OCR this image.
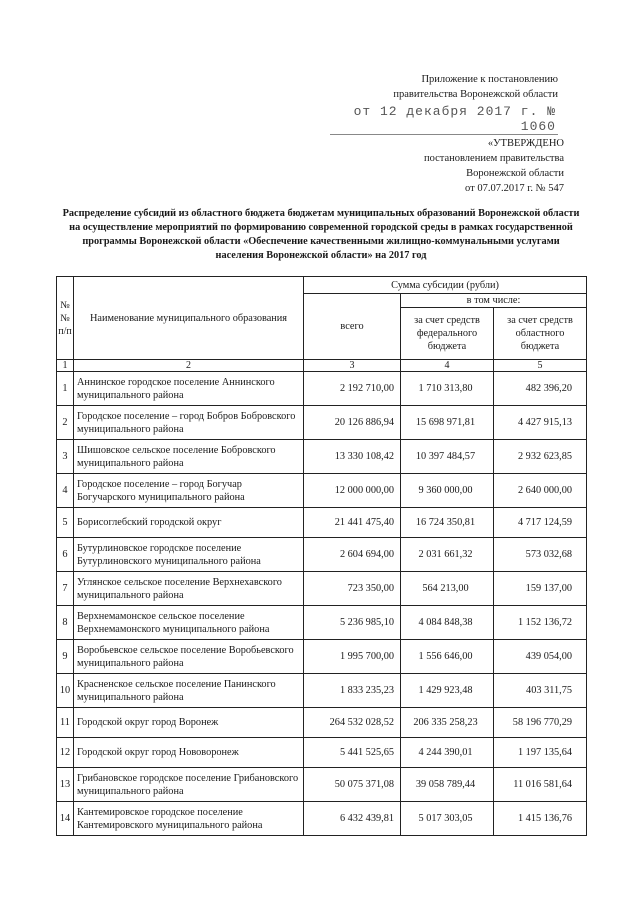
Приложение к постановлению
правительства Воронежской области
от 12 декабря 2017 г. № 1060
«УТВЕРЖДЕНО
постановлением правительства
Воронежской области
от 07.07.2017 г. № 547
Распределение субсидий из областного бюджета бюджетам муниципальных образований Воронежской области на осуществление мероприятий по формированию современной городской среды в рамках государственной программы Воронежской области «Обеспечение качественными жилищно-коммунальными услугами населения Воронежской области» на 2017 год
№ № п/п	Наименование муниципального образования	Сумма субсидии (рубли)		
		всего	в том числе:	
			за счет средств федерального бюджета	за счет средств областного бюджета
1	2	3	4	5
1	Аннинское городское поселение Аннинского муниципального района	2 192 710,00	1 710 313,80	482 396,20
2	Городское поселение – город Бобров Бобровского муниципального района	20 126 886,94	15 698 971,81	4 427 915,13
3	Шишовское сельское поселение Бобровского муниципального района	13 330 108,42	10 397 484,57	2 932 623,85
4	Городское поселение – город Богучар Богучарского муниципального района	12 000 000,00	9 360 000,00	2 640 000,00
5	Борисоглебский городской округ	21 441 475,40	16 724 350,81	4 717 124,59
6	Бутурлиновское городское поселение Бутурлиновского муниципального района	2 604 694,00	2 031 661,32	573 032,68
7	Углянское сельское поселение Верхнехавского муниципального района	723 350,00	564 213,00	159 137,00
8	Верхнемамонское сельское поселение Верхнемамонского муниципального района	5 236 985,10	4 084 848,38	1 152 136,72
9	Воробьевское сельское поселение Воробьевского муниципального района	1 995 700,00	1 556 646,00	439 054,00
10	Красненское сельское поселение Панинского муниципального района	1 833 235,23	1 429 923,48	403 311,75
11	Городской округ город Воронеж	264 532 028,52	206 335 258,23	58 196 770,29
12	Городской округ город Нововоронеж	5 441 525,65	4 244 390,01	1 197 135,64
13	Грибановское городское поселение Грибановского муниципального района	50 075 371,08	39 058 789,44	11 016 581,64
14	Кантемировское городское поселение Кантемировского муниципального района	6 432 439,81	5 017 303,05	1 415 136,76
